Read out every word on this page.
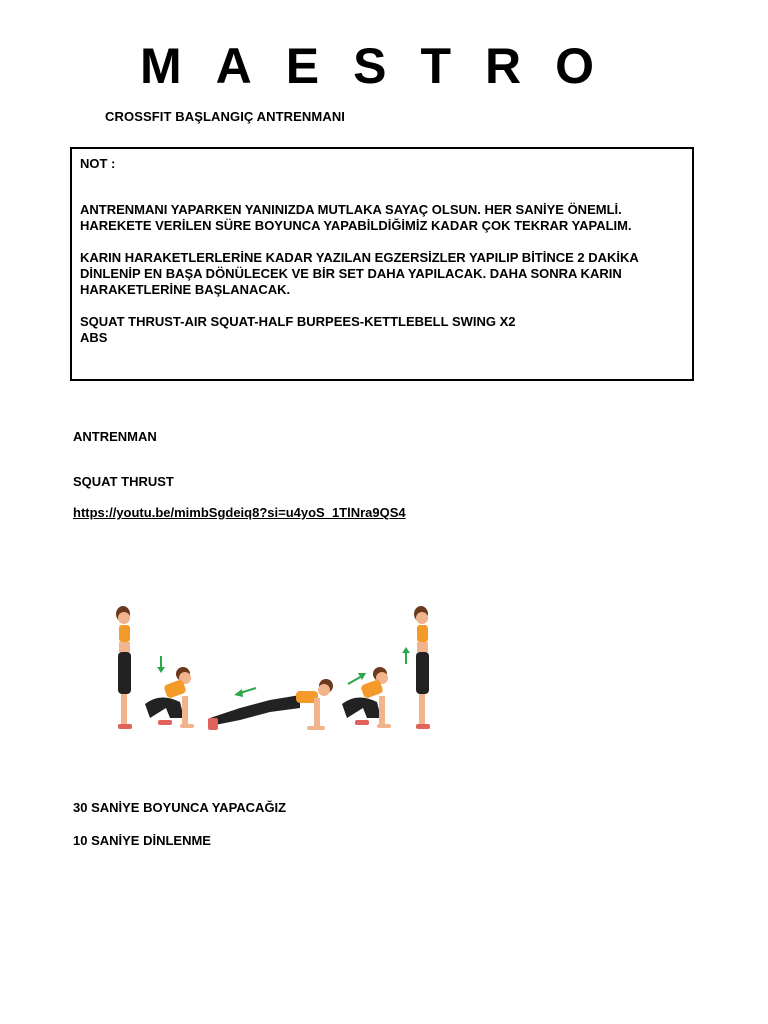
MAESTRO
CROSSFIT BAŞLANGIÇ ANTRENMANI

NOT :

ANTRENMANI YAPARKEN YANINIZDA MUTLAKA SAYAÇ OLSUN. HER SANİYE ÖNEMLİ.
HAREKETE VERİLEN SÜRE BOYUNCA YAPABİLDİĞİMİZ KADAR ÇOK TEKRAR YAPALIM.

KARIN HARAKETLERLERİNE KADAR YAZILAN EGZERSİZLER YAPILIP BİTİNCE 2 DAKİKA
DİNLENİP EN BAŞA DÖNÜLECEK VE BİR SET DAHA YAPILACAK. DAHA SONRA KARIN
HARAKETLERİNE BAŞLANACAK.

SQUAT THRUST-AIR SQUAT-HALF BURPEES-KETTLEBELL SWING X2
ABS

ANTRENMAN
SQUAT THRUST
https://youtu.be/mimbSgdeiq8?si=u4yoS_1TlNra9QS4
30 SANİYE BOYUNCA YAPACAĞIZ
10 SANİYE DİNLENME
